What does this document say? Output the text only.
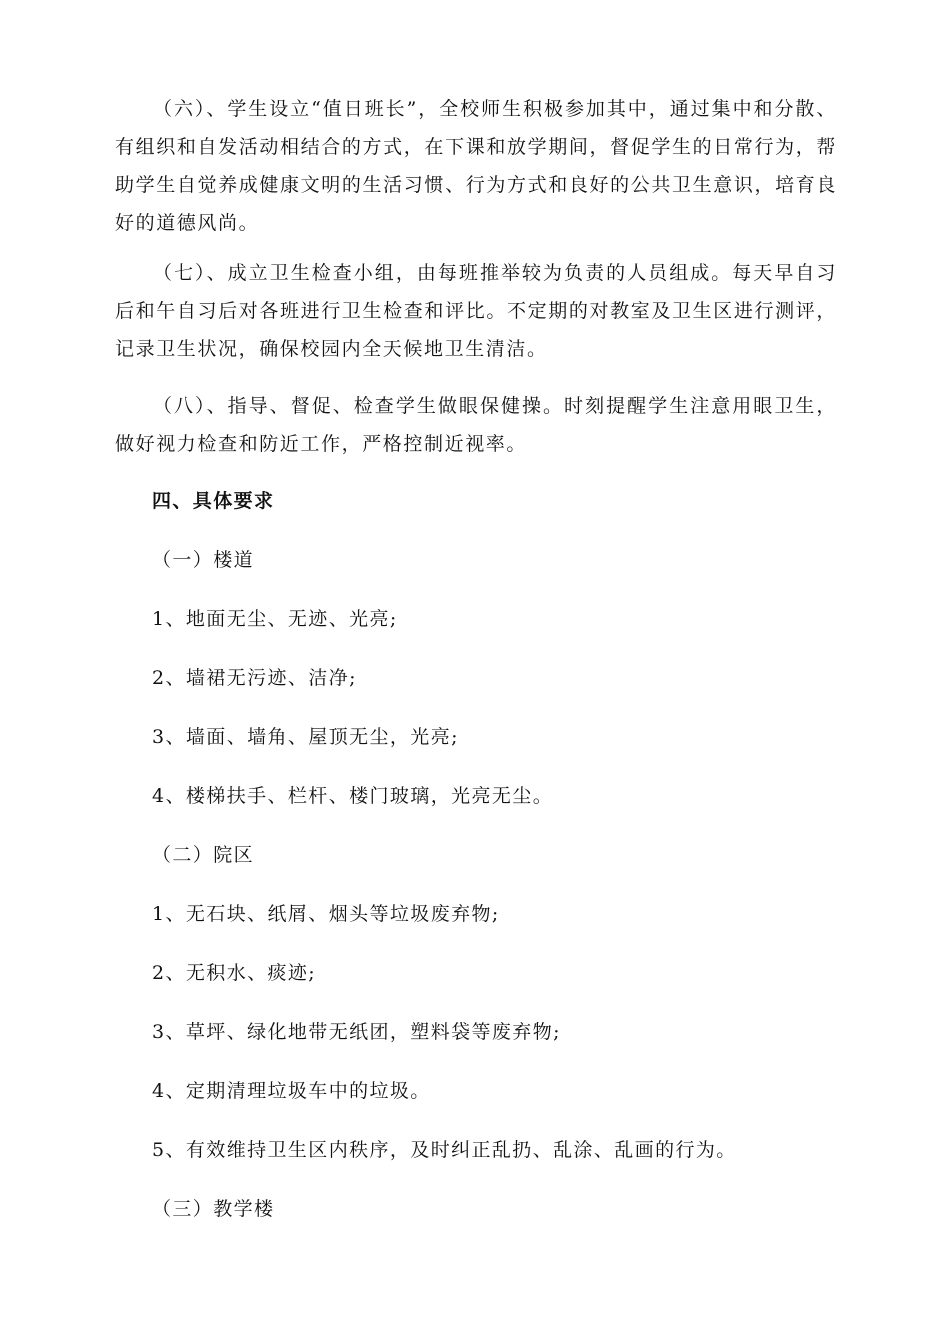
（六）、学生设立“值日班长”，全校师生积极参加其中，通过集中和分散、有组织和自发活动相结合的方式，在下课和放学期间，督促学生的日常行为，帮助学生自觉养成健康文明的生活习惯、行为方式和良好的公共卫生意识，培育良好的道德风尚。

（七）、成立卫生检查小组，由每班推举较为负责的人员组成。每天早自习后和午自习后对各班进行卫生检查和评比。不定期的对教室及卫生区进行测评，记录卫生状况，确保校园内全天候地卫生清洁。

（八）、指导、督促、检查学生做眼保健操。时刻提醒学生注意用眼卫生，做好视力检查和防近工作，严格控制近视率。

四、具体要求

（一）楼道

1、地面无尘、无迹、光亮;

2、墙裙无污迹、洁净;

3、墙面、墙角、屋顶无尘，光亮;

4、楼梯扶手、栏杆、楼门玻璃，光亮无尘。

（二）院区

1、无石块、纸屑、烟头等垃圾废弃物;

2、无积水、痰迹;

3、草坪、绿化地带无纸团，塑料袋等废弃物;

4、定期清理垃圾车中的垃圾。

5、有效维持卫生区内秩序，及时纠正乱扔、乱涂、乱画的行为。

（三）教学楼
